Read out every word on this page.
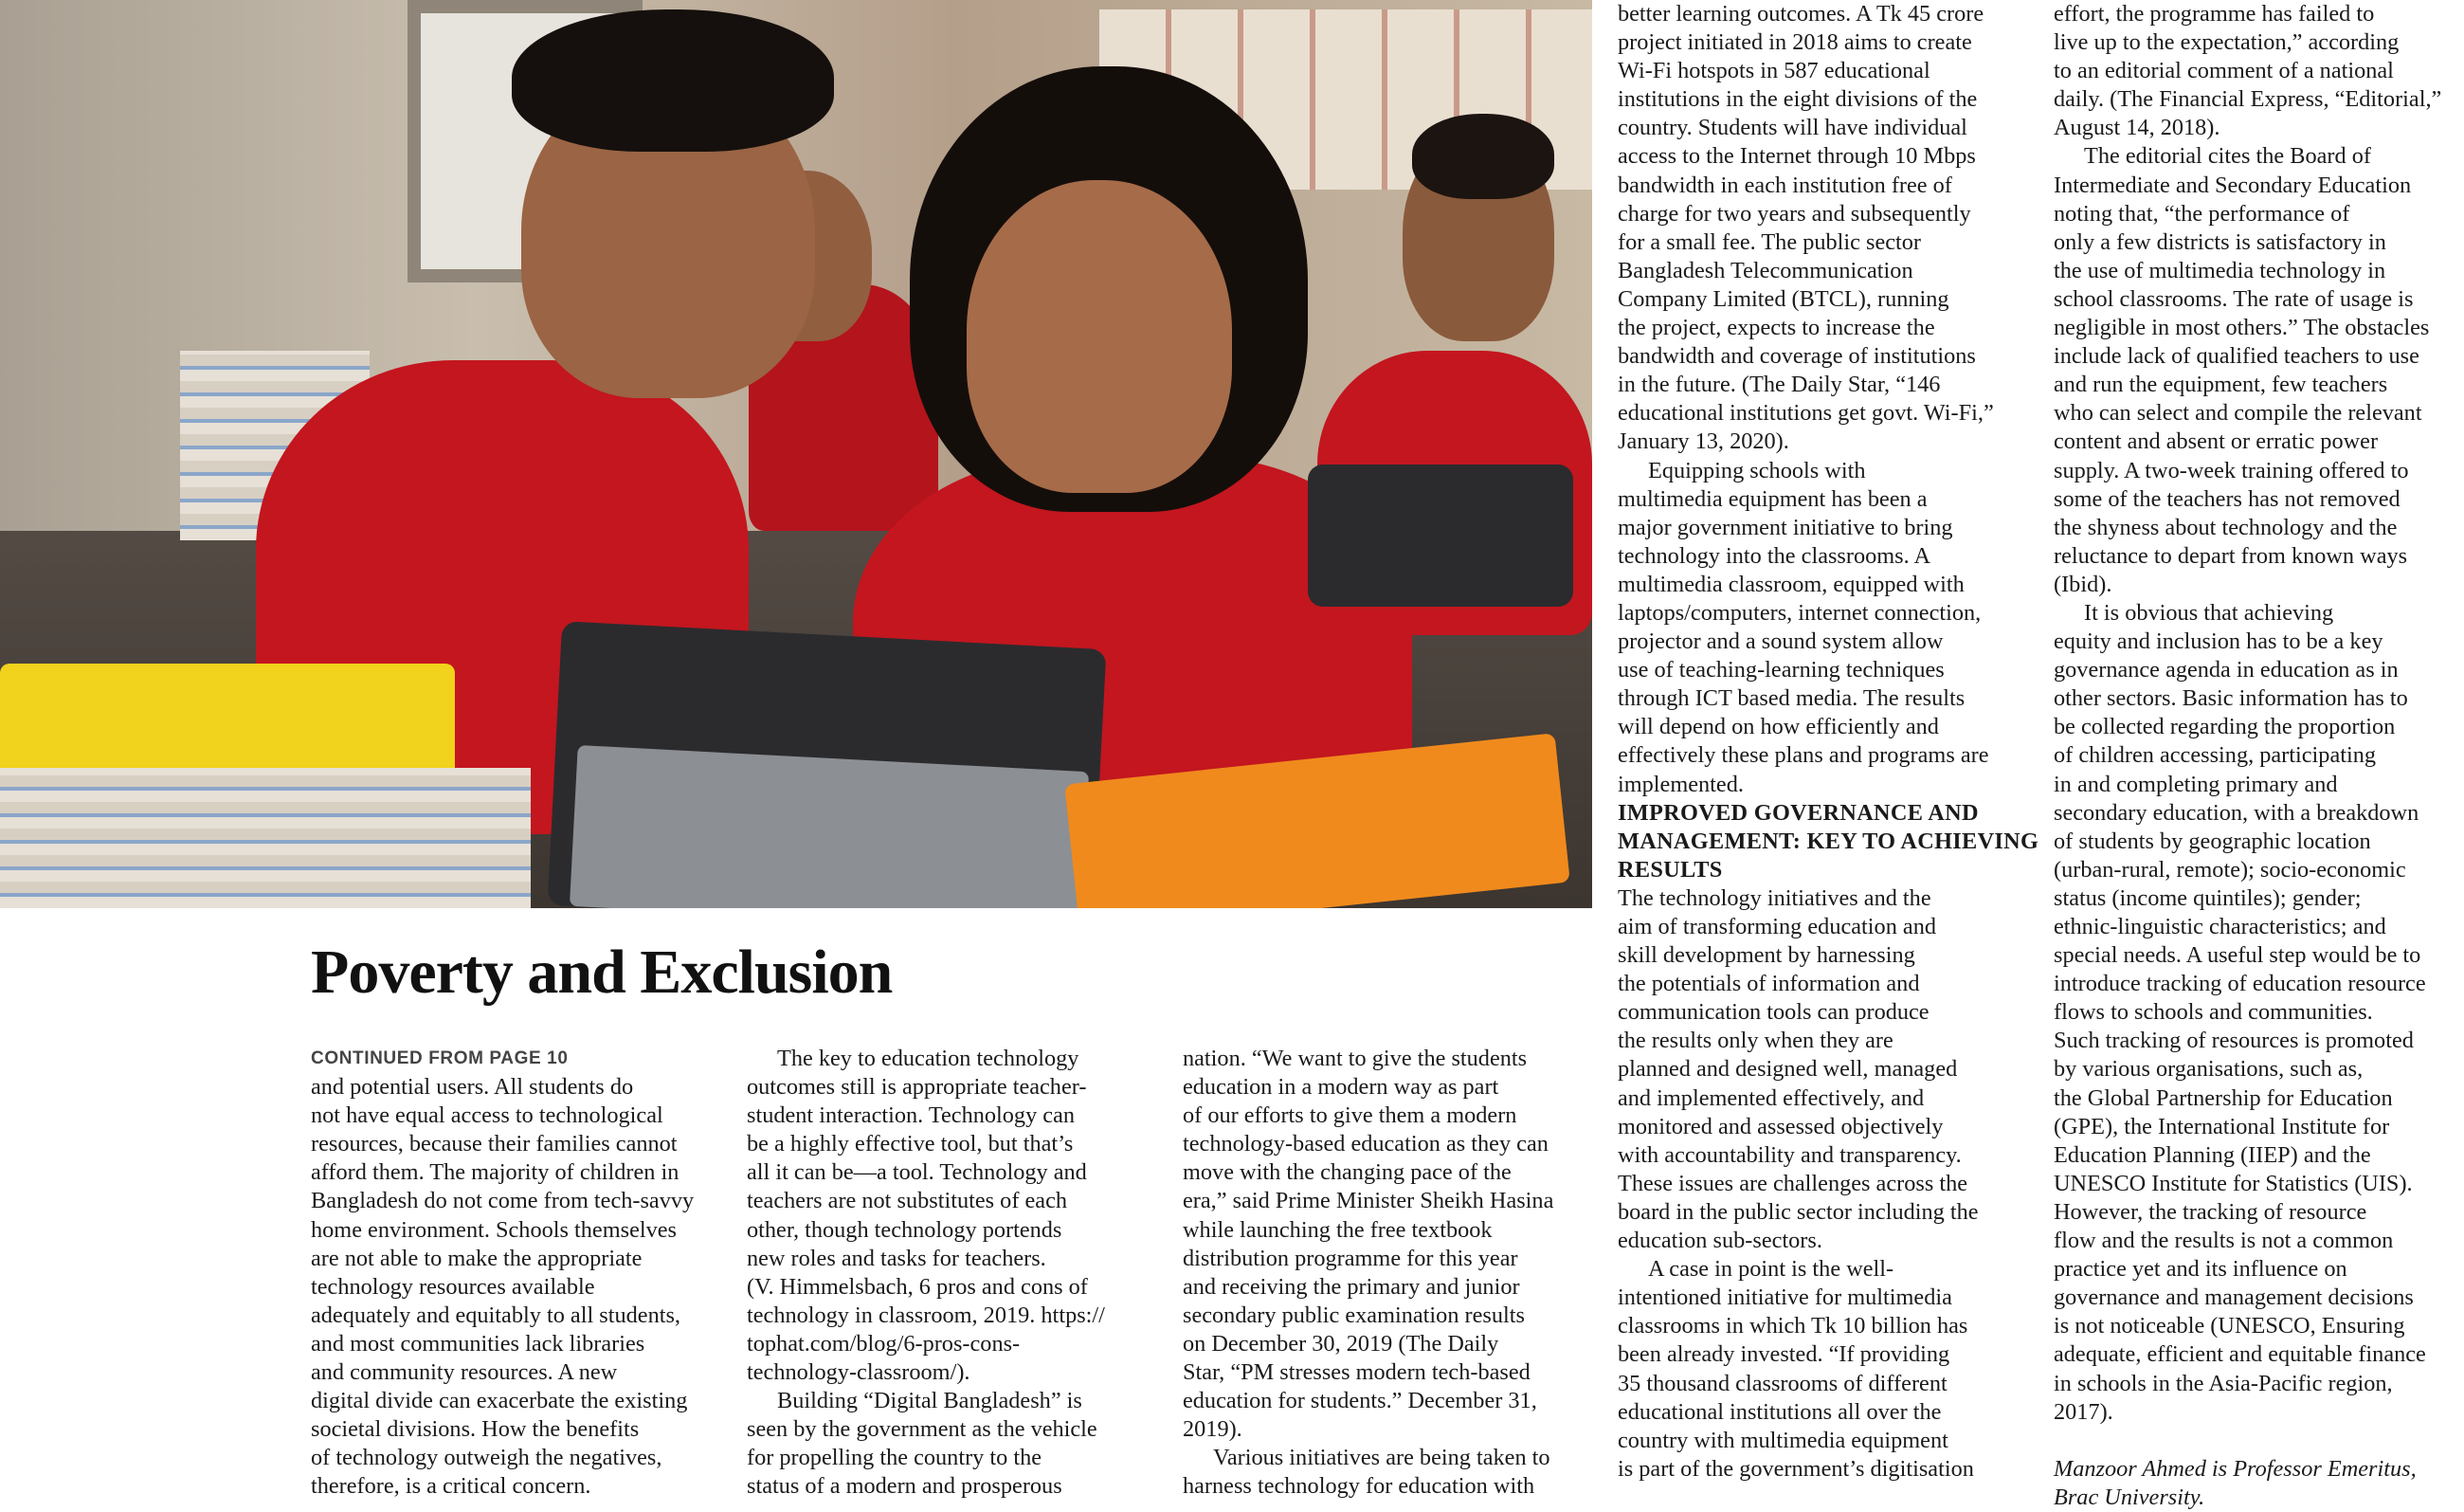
Poverty and Exclusion
CONTINUED FROM PAGE 10
and potential users. All students do
not have equal access to technological
resources, because their families cannot
afford them. The majority of children in
Bangladesh do not come from tech-savvy
home environment. Schools themselves
are not able to make the appropriate
technology resources available
adequately and equitably to all students,
and most communities lack libraries
and community resources. A new
digital divide can exacerbate the existing
societal divisions. How the benefits
of technology outweigh the negatives,
therefore, is a critical concern.
The key to education technology
outcomes still is appropriate teacher-
student interaction. Technology can
be a highly effective tool, but that’s
all it can be—a tool. Technology and
teachers are not substitutes of each
other, though technology portends
new roles and tasks for teachers.
(V. Himmelsbach, 6 pros and cons of
technology in classroom, 2019. https://
tophat.com/blog/6-pros-cons-
technology-classroom/).
Building “Digital Bangladesh” is
seen by the government as the vehicle
for propelling the country to the
status of a modern and prosperous
nation. “We want to give the students
education in a modern way as part
of our efforts to give them a modern
technology-based education as they can
move with the changing pace of the
era,” said Prime Minister Sheikh Hasina
while launching the free textbook
distribution programme for this year
and receiving the primary and junior
secondary public examination results
on December 30, 2019 (The Daily
Star, “PM stresses modern tech-based
education for students.” December 31,
2019).
Various initiatives are being taken to
harness technology for education with
better learning outcomes. A Tk 45 crore
project initiated in 2018 aims to create
Wi-Fi hotspots in 587 educational
institutions in the eight divisions of the
country. Students will have individual
access to the Internet through 10 Mbps
bandwidth in each institution free of
charge for two years and subsequently
for a small fee. The public sector
Bangladesh Telecommunication
Company Limited (BTCL), running
the project, expects to increase the
bandwidth and coverage of institutions
in the future. (The Daily Star, “146
educational institutions get govt. Wi-Fi,”
January 13, 2020).
Equipping schools with
multimedia equipment has been a
major government initiative to bring
technology into the classrooms. A
multimedia classroom, equipped with
laptops/computers, internet connection,
projector and a sound system allow
use of teaching-learning techniques
through ICT based media. The results
will depend on how efficiently and
effectively these plans and programs are
implemented.
IMPROVED GOVERNANCE AND
MANAGEMENT: KEY TO ACHIEVING
RESULTS
The technology initiatives and the
aim of transforming education and
skill development by harnessing
the potentials of information and
communication tools can produce
the results only when they are
planned and designed well, managed
and implemented effectively, and
monitored and assessed objectively
with accountability and transparency.
These issues are challenges across the
board in the public sector including the
education sub-sectors.
A case in point is the well-
intentioned initiative for multimedia
classrooms in which Tk 10 billion has
been already invested. “If providing
35 thousand classrooms of different
educational institutions all over the
country with multimedia equipment
is part of the government’s digitisation
effort, the programme has failed to
live up to the expectation,” according
to an editorial comment of a national
daily. (The Financial Express, “Editorial,”
August 14, 2018).
The editorial cites the Board of
Intermediate and Secondary Education
noting that, “the performance of
only a few districts is satisfactory in
the use of multimedia technology in
school classrooms. The rate of usage is
negligible in most others.” The obstacles
include lack of qualified teachers to use
and run the equipment, few teachers
who can select and compile the relevant
content and absent or erratic power
supply. A two-week training offered to
some of the teachers has not removed
the shyness about technology and the
reluctance to depart from known ways
(Ibid).
It is obvious that achieving
equity and inclusion has to be a key
governance agenda in education as in
other sectors. Basic information has to
be collected regarding the proportion
of children accessing, participating
in and completing primary and
secondary education, with a breakdown
of students by geographic location
(urban-rural, remote); socio-economic
status (income quintiles); gender;
ethnic-linguistic characteristics; and
special needs. A useful step would be to
introduce tracking of education resource
flows to schools and communities.
Such tracking of resources is promoted
by various organisations, such as,
the Global Partnership for Education
(GPE), the International Institute for
Education Planning (IIEP) and the
UNESCO Institute for Statistics (UIS).
However, the tracking of resource
flow and the results is not a common
practice yet and its influence on
governance and management decisions
is not noticeable (UNESCO, Ensuring
adequate, efficient and equitable finance
in schools in the Asia-Pacific region,
2017).

Manzoor Ahmed is Professor Emeritus,
Brac University.
